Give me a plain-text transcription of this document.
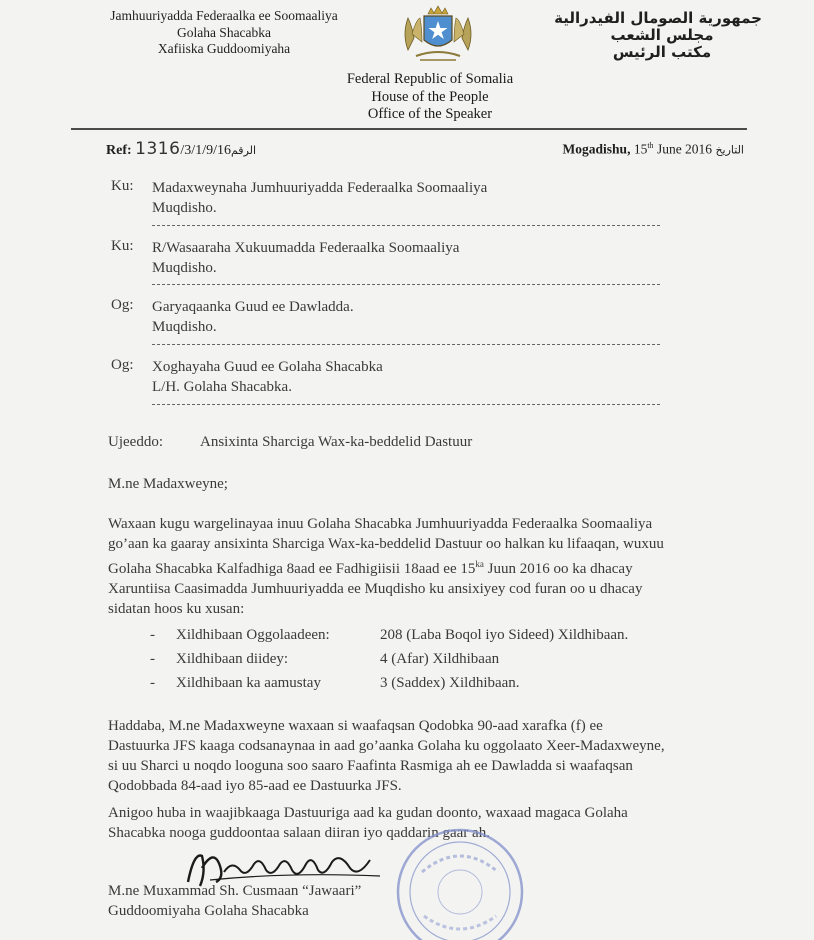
Jamhuuriyadda Federaalka ee Soomaaliya
Golaha Shacabka
Xafiiska Guddoomiyaha
جمهورية الصومال الفيدرالية
مجلس الشعب
مكتب الرئيس
Federal Republic of Somalia
House of the People
Office of the Speaker
Ref: 1316/3/1/9/16الرقم	Mogadishu, 15th June 2016 التاريخ
Ku: Madaxweynaha Jumhuuriyadda Federaalka Soomaaliya
Muqdisho.
Ku: R/Wasaaraha Xukuumadda Federaalka Soomaaliya
Muqdisho.
Og: Garyaqaanka Guud ee Dawladda.
Muqdisho.
Og: Xoghayaha Guud ee Golaha Shacabka
L/H. Golaha Shacabka.
Ujeeddo: Ansixinta Sharciga Wax-ka-beddelid Dastuur
M.ne Madaxweyne;
Waxaan kugu wargelinayaa inuu Golaha Shacabka Jumhuuriyadda Federaalka Soomaaliya
go’aan ka gaaray ansixinta Sharciga Wax-ka-beddelid Dastuur oo halkan ku lifaaqan, wuxuu
Golaha Shacabka Kalfadhiga 8aad ee Fadhigiisii 18aad ee $15^{ka}$ Juun 2016 oo ka dhacay
Xaruntiisa Caasimadda Jumhuuriyadda ee Muqdisho ku ansixiyey cod furan oo u dhacay
sidatan hoos ku xusan:
- Xildhibaan Oggolaadeen:	208 (Laba Boqol iyo Sideed) Xildhibaan.
- Xildhibaan diidey:	4 (Afar) Xildhibaan
- Xildhibaan ka aamustay	3 (Saddex) Xildhibaan.
Haddaba, M.ne Madaxweyne waxaan si waafaqsan Qodobka 90-aad xarafka (f) ee
Dastuurka JFS kaaga codsanaynaa in aad go’aanka Golaha ku oggolaato Xeer-Madaxweyne,
si uu Sharci u noqdo looguna soo saaro Faafinta Rasmiga ah ee Dawladda si waafaqsan
Qodobbada 84-aad iyo 85-aad ee Dastuurka JFS.
Anigoo hubа in waajibkaaga Dastuuriga aad ka gudan doonto, waxaad magaca Golaha
Shacabka nooga guddoontaa salaan diiran iyo qaddarin gaar ah.
M.ne Muxammad Sh. Cusmaan “Jawaari”
Guddoomiyaha Golaha Shacabka
